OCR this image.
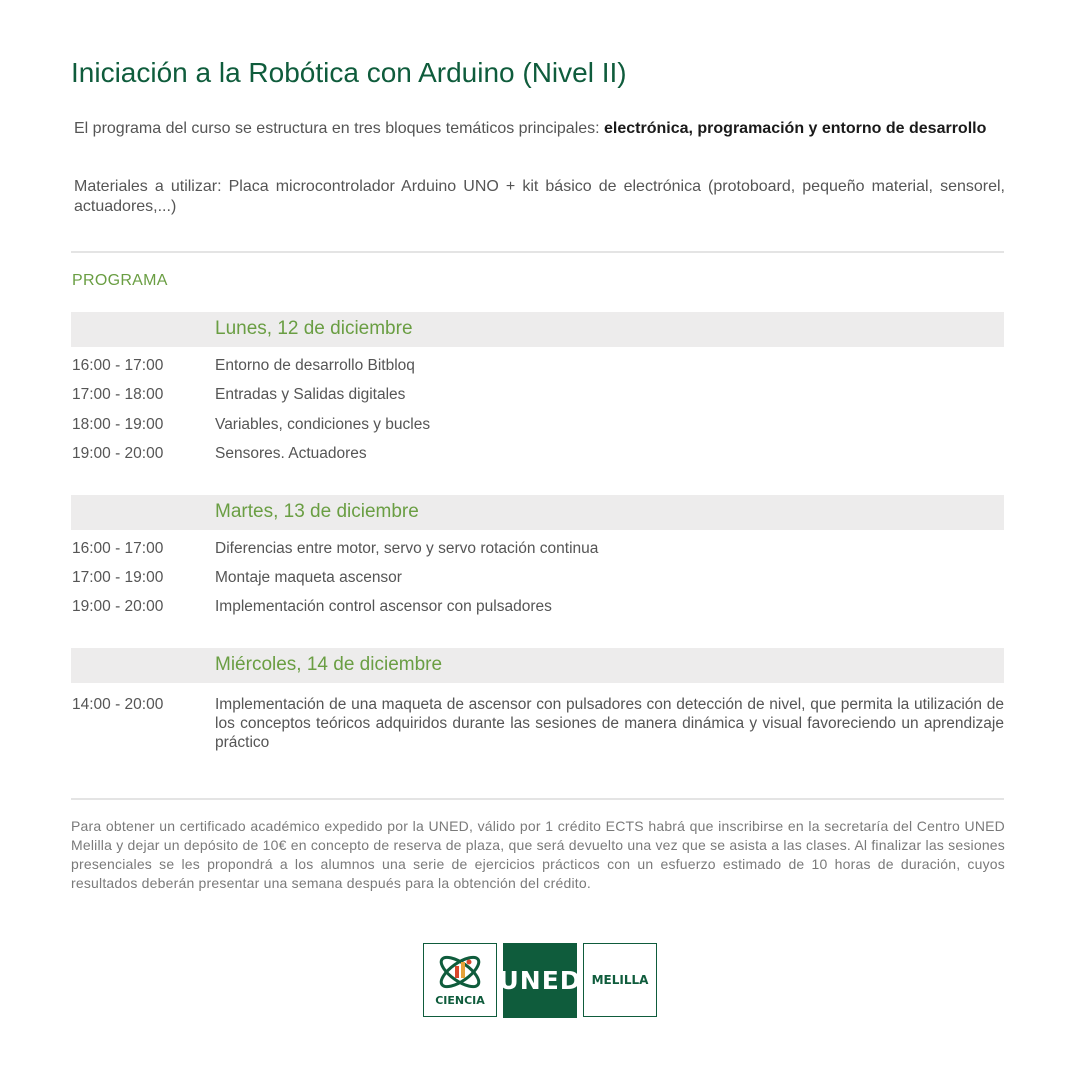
Iniciación a la Robótica con Arduino (Nivel II)

El programa del curso se estructura en tres bloques temáticos principales: electrónica, programación y entorno de desarrollo

Materiales a utilizar: Placa microcontrolador Arduino UNO + kit básico de electrónica (protoboard, pequeño material, sensorel, actuadores,...)

PROGRAMA
Lunes, 12 de diciembre
16:00 - 17:00	Entorno de desarrollo Bitbloq
17:00 - 18:00	Entradas y Salidas digitales
18:00 - 19:00	Variables, condiciones y bucles
19:00 - 20:00	Sensores. Actuadores
Martes, 13 de diciembre
16:00 - 17:00	Diferencias entre motor, servo y servo rotación continua
17:00 - 19:00	Montaje maqueta ascensor
19:00 - 20:00	Implementación control ascensor con pulsadores
Miércoles, 14 de diciembre
14:00 - 20:00	Implementación de una maqueta de ascensor con pulsadores con detección de nivel, que permita la utilización de los conceptos teóricos adquiridos durante las sesiones de manera dinámica y visual favoreciendo un aprendizaje práctico

Para obtener un certificado académico expedido por la UNED, válido por 1 crédito ECTS habrá que inscribirse en la secretaría del Centro UNED Melilla y dejar un depósito de 10€ en concepto de reserva de plaza, que será devuelto una vez que se asista a las clases. Al finalizar las sesiones presenciales se les propondrá a los alumnos una serie de ejercicios prácticos con un esfuerzo estimado de 10 horas de duración, cuyos resultados deberán presentar una semana después para la obtención del crédito.

CIENCIA
UNED MELILLA
